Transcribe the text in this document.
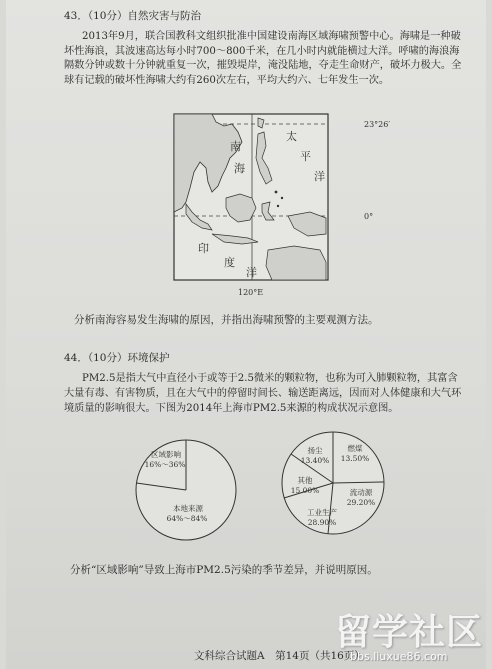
43．（10分）自然灾害与防治
2013年9月，联合国教科文组织批准中国建设南海区域海啸预警中心。海啸是一种破坏性海浪，其波速高达每小时700～800千米，在几小时内就能横过大洋。呼啸的海浪海隔数分钟或数十分钟就重复一次，摧毁堤岸，淹没陆地，夺走生命财产，破坏力极大。全球有记载的破坏性海啸大约有260次左右，平均大约六、七年发生一次。
23°26′
0°
120°E
南
海
太
平
洋
印
度
洋
分析南海容易发生海啸的原因，并指出海啸预警的主要观测方法。
44．（10分）环境保护
PM2.5是指大气中直径小于或等于2.5微米的颗粒物，也称为可入肺颗粒物，其富含大量有毒、有害物质，且在大气中的停留时间长、输送距离远，因而对人体健康和大气环境质量的影响很大。下图为2014年上海市PM2.5来源的构成状况示意图。
区域影响
16%～36%
本地来源
64%～84%
扬尘
13.40%
燃煤
13.50%
其他
15.00%	流动源
29.20%
工业生产
28.90%
分析“区域影响”导致上海市PM2.5污染的季节差异，并说明原因。
文科综合试题A　第14页（共16页）
留学社区
bbs.liuxue86.com
